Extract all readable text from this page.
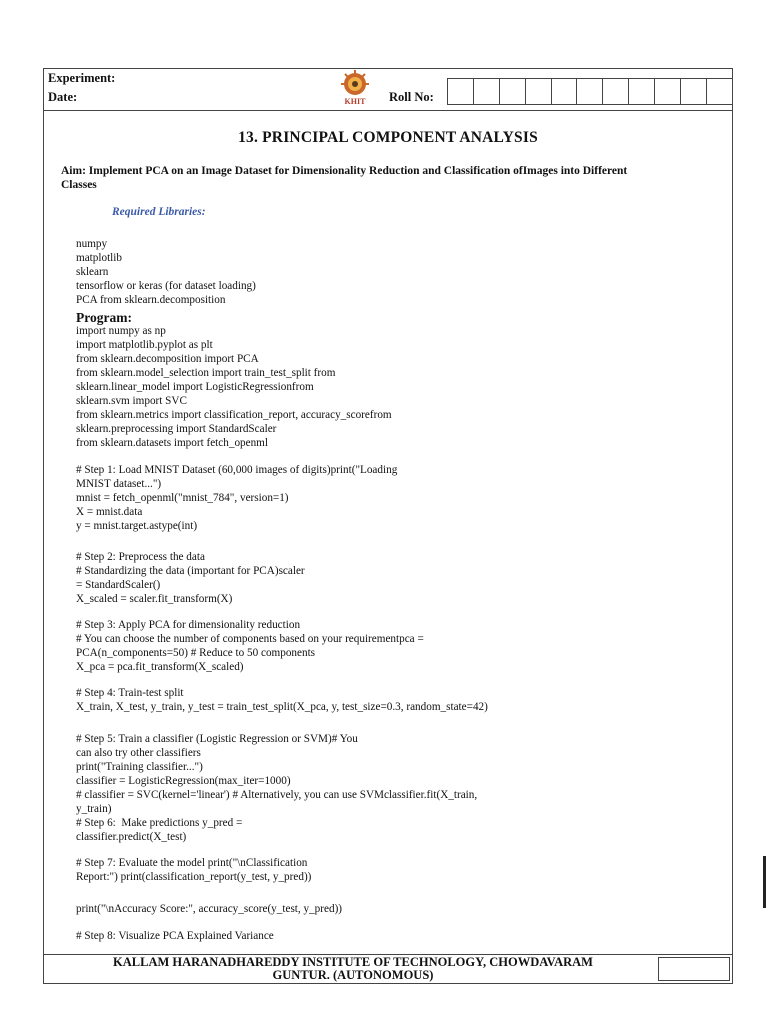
Experiment:
Date:	KHIT Roll No:
13. PRINCIPAL COMPONENT ANALYSIS
Aim: Implement PCA on an Image Dataset for Dimensionality Reduction and Classification ofImages into Different Classes
Required Libraries:
numpy
matplotlib
sklearn
tensorflow or keras (for dataset loading)
PCA from sklearn.decomposition
Program:
import numpy as np
import matplotlib.pyplot as plt
from sklearn.decomposition import PCA
from sklearn.model_selection import train_test_split from
sklearn.linear_model import LogisticRegressionfrom
sklearn.svm import SVC
from sklearn.metrics import classification_report, accuracy_scorefrom
sklearn.preprocessing import StandardScaler
from sklearn.datasets import fetch_openml
# Step 1: Load MNIST Dataset (60,000 images of digits)print("Loading
MNIST dataset...")
mnist = fetch_openml("mnist_784", version=1)
X = mnist.data
y = mnist.target.astype(int)
# Step 2: Preprocess the data
# Standardizing the data (important for PCA)scaler
= StandardScaler()
X_scaled = scaler.fit_transform(X)
# Step 3: Apply PCA for dimensionality reduction
# You can choose the number of components based on your requirementpca =
PCA(n_components=50) # Reduce to 50 components
X_pca = pca.fit_transform(X_scaled)
# Step 4: Train-test split
X_train, X_test, y_train, y_test = train_test_split(X_pca, y, test_size=0.3, random_state=42)
# Step 5: Train a classifier (Logistic Regression or SVM)# You
can also try other classifiers
print("Training classifier...")
classifier = LogisticRegression(max_iter=1000)
# classifier = SVC(kernel='linear') # Alternatively, you can use SVMclassifier.fit(X_train,
y_train)
# Step 6:  Make predictions y_pred =
classifier.predict(X_test)
# Step 7: Evaluate the model print("\nClassification
Report:") print(classification_report(y_test, y_pred))
print("\nAccuracy Score:", accuracy_score(y_test, y_pred))
# Step 8: Visualize PCA Explained Variance
KALLAM HARANADHAREDDY INSTITUTE OF TECHNOLOGY, CHOWDAVARAM
GUNTUR. (AUTONOMOUS)
